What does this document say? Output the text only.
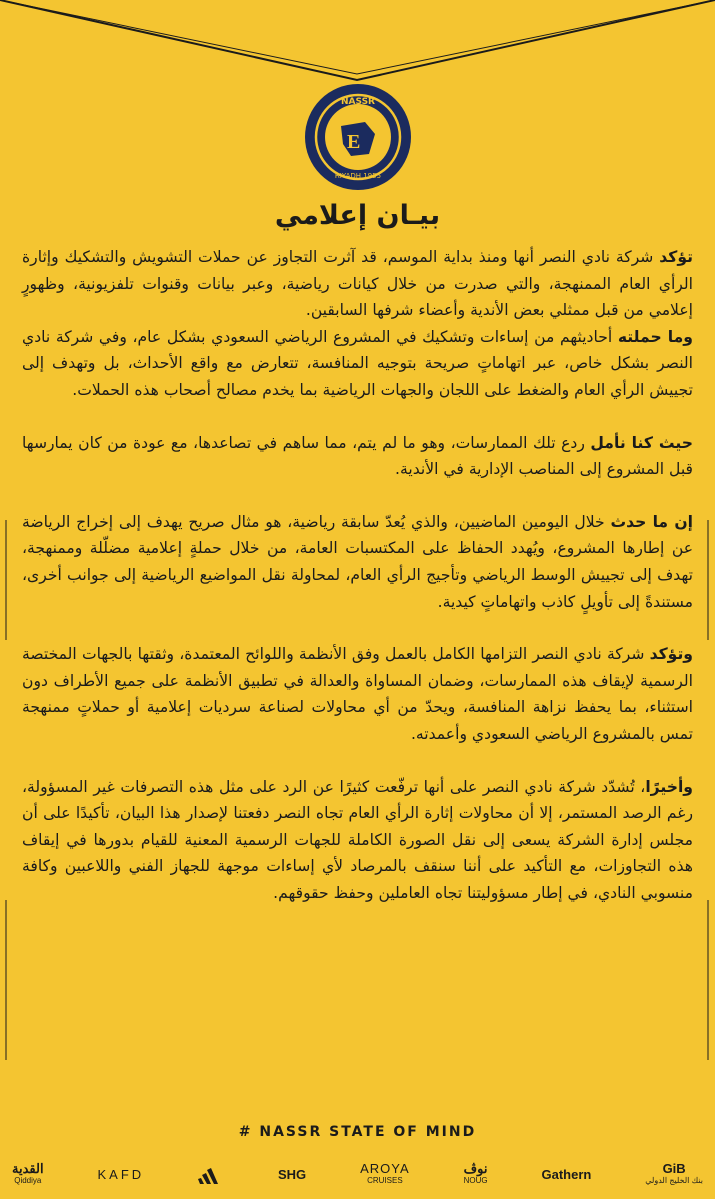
E
NASSR
RIYADH 1955
بيـان إعلامي

تؤكد شركة نادي النصر أنها ومنذ بداية الموسم، قد آثرت التجاوز عن حملات التشويش والتشكيك وإثارة الرأي العام الممنهجة، والتي صدرت من خلال كيانات رياضية، وعبر بيانات وقنوات تلفزيونية، وظهورٍ إعلامي من قبل ممثلي بعض الأندية وأعضاء شرفها السابقين.

وما حملته أحاديثهم من إساءات وتشكيك في المشروع الرياضي السعودي بشكل عام، وفي شركة نادي النصر بشكل خاص، عبر اتهاماتٍ صريحة بتوجيه المنافسة، تتعارض مع واقع الأحداث، بل وتهدف إلى تجييش الرأي العام والضغط على اللجان والجهات الرياضية بما يخدم مصالح أصحاب هذه الحملات.

حيث كنا نأمل ردع تلك الممارسات، وهو ما لم يتم، مما ساهم في تصاعدها، مع عودة من كان يمارسها قبل المشروع إلى المناصب الإدارية في الأندية.

إن ما حدث خلال اليومين الماضيين، والذي يُعدّ سابقة رياضية، هو مثال صريح يهدف إلى إخراج الرياضة عن إطارها المشروع، ويُهدد الحفاظ على المكتسبات العامة، من خلال حملةٍ إعلامية مضلّلة وممنهجة، تهدف إلى تجييش الوسط الرياضي وتأجيج الرأي العام، لمحاولة نقل المواضيع الرياضية إلى جوانب أخرى، مستندةً إلى تأويلٍ كاذب واتهاماتٍ كيدية.

وتؤكد شركة نادي النصر التزامها الكامل بالعمل وفق الأنظمة واللوائح المعتمدة، وثقتها بالجهات المختصة الرسمية لإيقاف هذه الممارسات، وضمان المساواة والعدالة في تطبيق الأنظمة على جميع الأطراف دون استثناء، بما يحفظ نزاهة المنافسة، ويحدّ من أي محاولات لصناعة سرديات إعلامية أو حملاتٍ ممنهجة تمس بالمشروع الرياضي السعودي وأعمدته.

وأخيرًا، تُشدّد شركة نادي النصر على أنها ترفّعت كثيرًا عن الرد على مثل هذه التصرفات غير المسؤولة، رغم الرصد المستمر، إلا أن محاولات إثارة الرأي العام تجاه النصر دفعتنا لإصدار هذا البيان، تأكيدًا على أن مجلس إدارة الشركة يسعى إلى نقل الصورة الكاملة للجهات الرسمية المعنية للقيام بدورها في إيقاف هذه التجاوزات، مع التأكيد على أننا سنقف بالمرصاد لأي إساءات موجهة للجهاز الفني واللاعبين وكافة منسوبي النادي، في إطار مسؤوليتنا تجاه العاملين وحفظ حقوقهم.

# NASSR STATE OF MIND
القدية
Qiddiya	KAFD	SHG	AROYA
CRUISES
نوڤ
NOUG	Gathern	GiB
بنك الخليج الدولي
